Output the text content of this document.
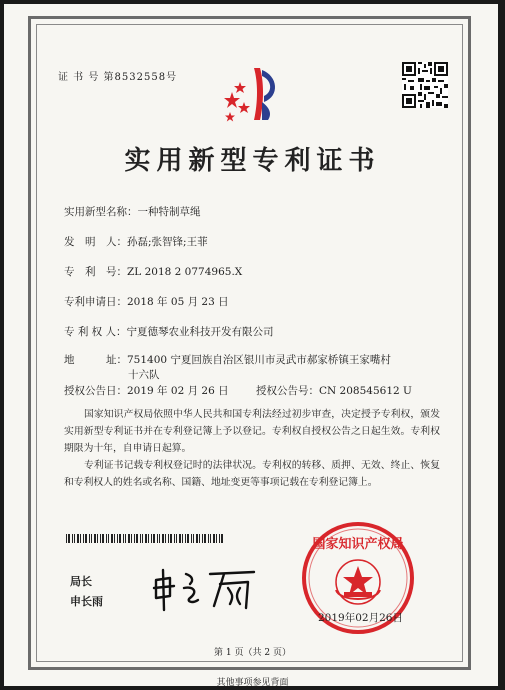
证 书 号 第8532558号
实用新型专利证书
实用新型名称：一种特制草绳
发　明　人：孙磊;张智锋;王菲
专　利　号：ZL 2018 2 0774965.X
专利申请日：2018 年 05 月 23 日
专 利 权 人：宁夏德琴农业科技开发有限公司
地　　　址：751400 宁夏回族自治区银川市灵武市郝家桥镇王家嘴村
十六队
授权公告日：2019 年 02 月 26 日	授权公告号：CN 208545612 U
国家知识产权局依照中华人民共和国专利法经过初步审查，决定授予专利权，颁发实用新型专利证书并在专利登记簿上予以登记。专利权自授权公告之日起生效。专利权期限为十年，自申请日起算。
专利证书记载专利权登记时的法律状况。专利权的转移、质押、无效、终止、恢复和专利权人的姓名或名称、国籍、地址变更等事项记载在专利登记簿上。
局长
申长雨
国家知识产权局
2019年02月26日
第 1 页（共 2 页）
其他事项参见背面
